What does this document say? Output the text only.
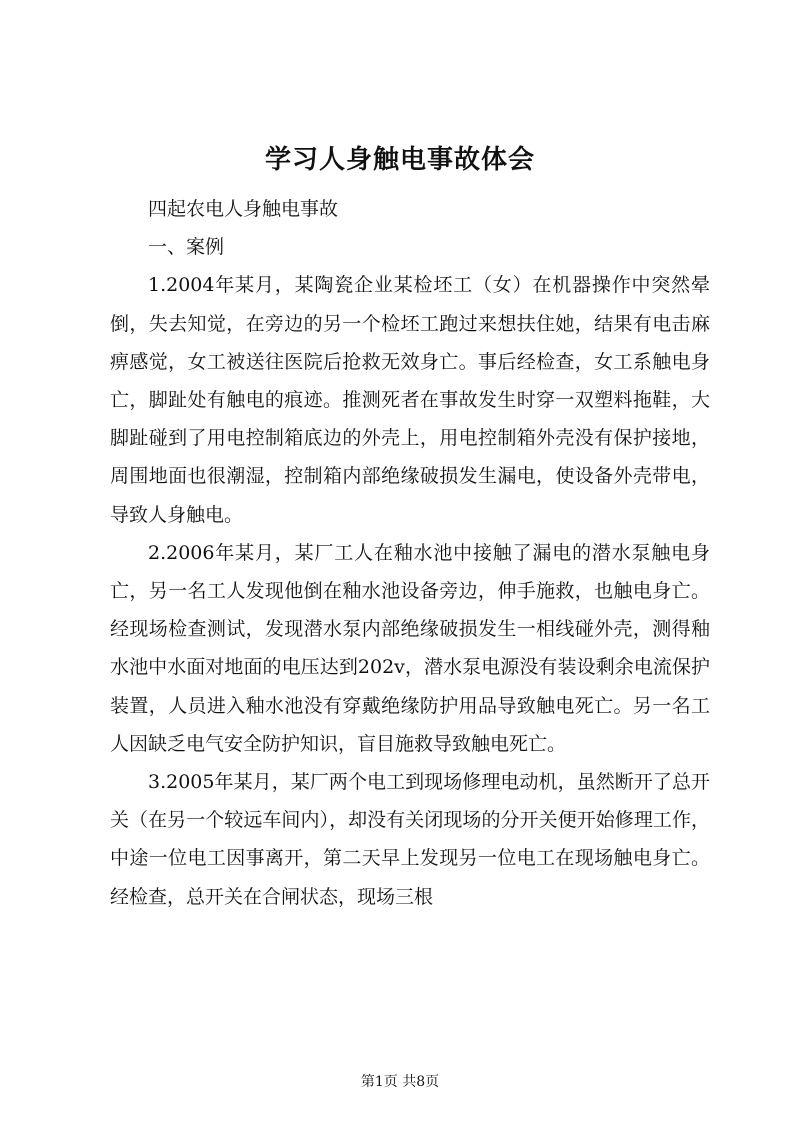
学习人身触电事故体会

四起农电人身触电事故

一、案例

1.2004年某月，某陶瓷企业某检坯工（女）在机器操作中突然晕倒，失去知觉，在旁边的另一个检坯工跑过来想扶住她，结果有电击麻痹感觉，女工被送往医院后抢救无效身亡。事后经检查，女工系触电身亡，脚趾处有触电的痕迹。推测死者在事故发生时穿一双塑料拖鞋，大脚趾碰到了用电控制箱底边的外壳上，用电控制箱外壳没有保护接地，周围地面也很潮湿，控制箱内部绝缘破损发生漏电，使设备外壳带电，导致人身触电。

2.2006年某月，某厂工人在釉水池中接触了漏电的潜水泵触电身亡，另一名工人发现他倒在釉水池设备旁边，伸手施救，也触电身亡。经现场检查测试，发现潜水泵内部绝缘破损发生一相线碰外壳，测得釉水池中水面对地面的电压达到202v，潜水泵电源没有装设剩余电流保护装置，人员进入釉水池没有穿戴绝缘防护用品导致触电死亡。另一名工人因缺乏电气安全防护知识，盲目施救导致触电死亡。

3.2005年某月，某厂两个电工到现场修理电动机，虽然断开了总开关（在另一个较远车间内），却没有关闭现场的分开关便开始修理工作，中途一位电工因事离开，第二天早上发现另一位电工在现场触电身亡。经检查，总开关在合闸状态，现场三根

第1页 共8页
